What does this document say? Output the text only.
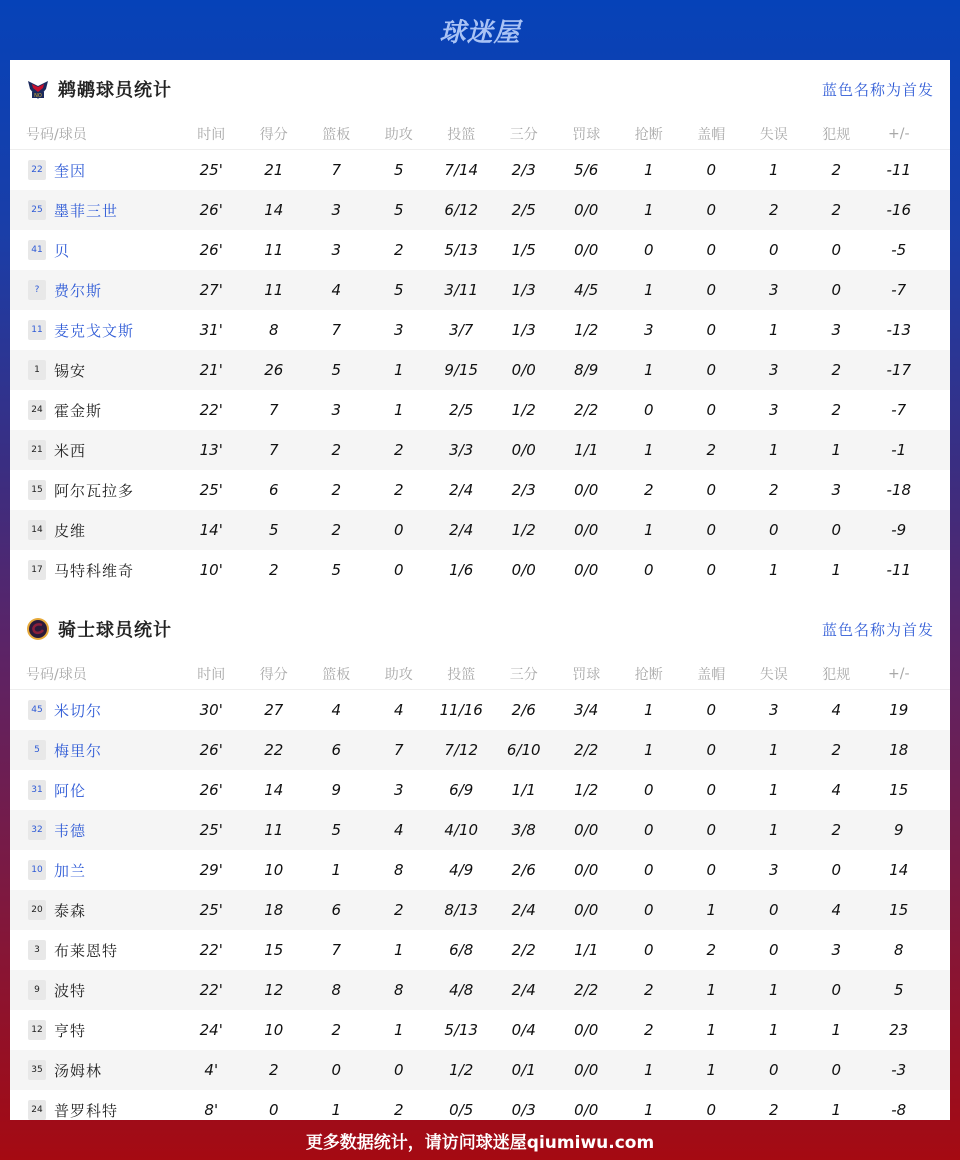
球迷屋
NO 鹈鹕球员统计	蓝色名称为首发
号码/球员	时间	得分	篮板	助攻	投篮	三分	罚球	抢断	盖帽	失误	犯规	+/-
22 奎因	25'	21	7	5	7/14	2/3	5/6	1	0	1	2	-11
25 墨菲三世	26'	14	3	5	6/12	2/5	0/0	1	0	2	2	-16
41 贝	26'	11	3	2	5/13	1/5	0/0	0	0	0	0	-5
? 费尔斯	27'	11	4	5	3/11	1/3	4/5	1	0	3	0	-7
11 麦克戈文斯	31'	8	7	3	3/7	1/3	1/2	3	0	1	3	-13
1 锡安	21'	26	5	1	9/15	0/0	8/9	1	0	3	2	-17
24 霍金斯	22'	7	3	1	2/5	1/2	2/2	0	0	3	2	-7
21 米西	13'	7	2	2	3/3	0/0	1/1	1	2	1	1	-1
15 阿尔瓦拉多	25'	6	2	2	2/4	2/3	0/0	2	0	2	3	-18
14 皮维	14'	5	2	0	2/4	1/2	0/0	1	0	0	0	-9
17 马特科维奇	10'	2	5	0	1/6	0/0	0/0	0	0	1	1	-11
骑士球员统计	蓝色名称为首发
号码/球员	时间	得分	篮板	助攻	投篮	三分	罚球	抢断	盖帽	失误	犯规	+/-
45 米切尔	30'	27	4	4	11/16	2/6	3/4	1	0	3	4	19
5 梅里尔	26'	22	6	7	7/12	6/10	2/2	1	0	1	2	18
31 阿伦	26'	14	9	3	6/9	1/1	1/2	0	0	1	4	15
32 韦德	25'	11	5	4	4/10	3/8	0/0	0	0	1	2	9
10 加兰	29'	10	1	8	4/9	2/6	0/0	0	0	3	0	14
20 泰森	25'	18	6	2	8/13	2/4	0/0	0	1	0	4	15
3 布莱恩特	22'	15	7	1	6/8	2/2	1/1	0	2	0	3	8
9 波特	22'	12	8	8	4/8	2/4	2/2	2	1	1	0	5
12 亨特	24'	10	2	1	5/13	0/4	0/0	2	1	1	1	23
35 汤姆林	4'	2	0	0	1/2	0/1	0/0	1	1	0	0	-3
24 普罗科特	8'	0	1	2	0/5	0/3	0/0	1	0	2	1	-8
更多数据统计，请访问球迷屋qiumiwu.com
